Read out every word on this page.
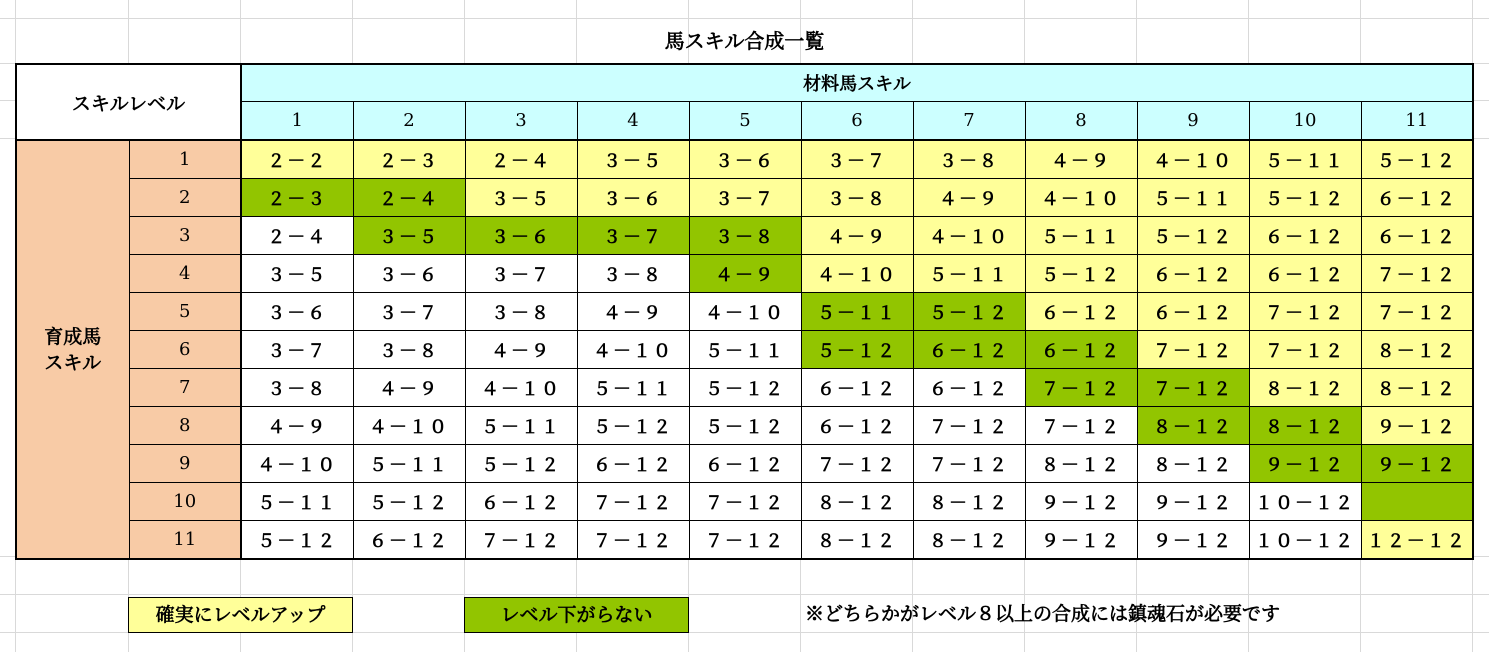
馬スキル合成一覧
スキルレベル		材料馬スキル										
		1	2	3	4	5	6	7	8	9	10	11

育成馬
スキル	1	２－２	２－３	２－４	３－５	３－６	３－７	３－８	４－９	４－１０	５－１１	５－１２
	2	２－３	２－４	３－５	３－６	３－７	３－８	４－９	４－１０	５－１１	５－１２	６－１２
	3	２－４	３－５	３－６	３－７	３－８	４－９	４－１０	５－１１	５－１２	６－１２	６－１２
	4	３－５	３－６	３－７	３－８	４－９	４－１０	５－１１	５－１２	６－１２	６－１２	７－１２
	5	３－６	３－７	３－８	４－９	４－１０	５－１１	５－１２	６－１２	６－１２	７－１２	７－１２
	6	３－７	３－８	４－９	４－１０	５－１１	５－１２	６－１２	６－１２	７－１２	７－１２	８－１２
	7	３－８	４－９	４－１０	５－１１	５－１２	６－１２	６－１２	７－１２	７－１２	８－１２	８－１２
	8	４－９	４－１０	５－１１	５－１２	５－１２	６－１２	７－１２	７－１２	８－１２	８－１２	９－１２
	9	４－１０	５－１１	５－１２	６－１２	６－１２	７－１２	７－１２	８－１２	８－１２	９－１２	９－１２
	10	５－１１	５－１２	６－１２	７－１２	７－１２	８－１２	８－１２	９－１２	９－１２	１０－１２	
	11	５－１２	６－１２	７－１２	７－１２	７－１２	８－１２	８－１２	９－１２	９－１２	１０－１２	１２－１２
確実にレベルアップ	レベル下がらない	※どちらかがレベル８以上の合成には鎮魂石が必要です
